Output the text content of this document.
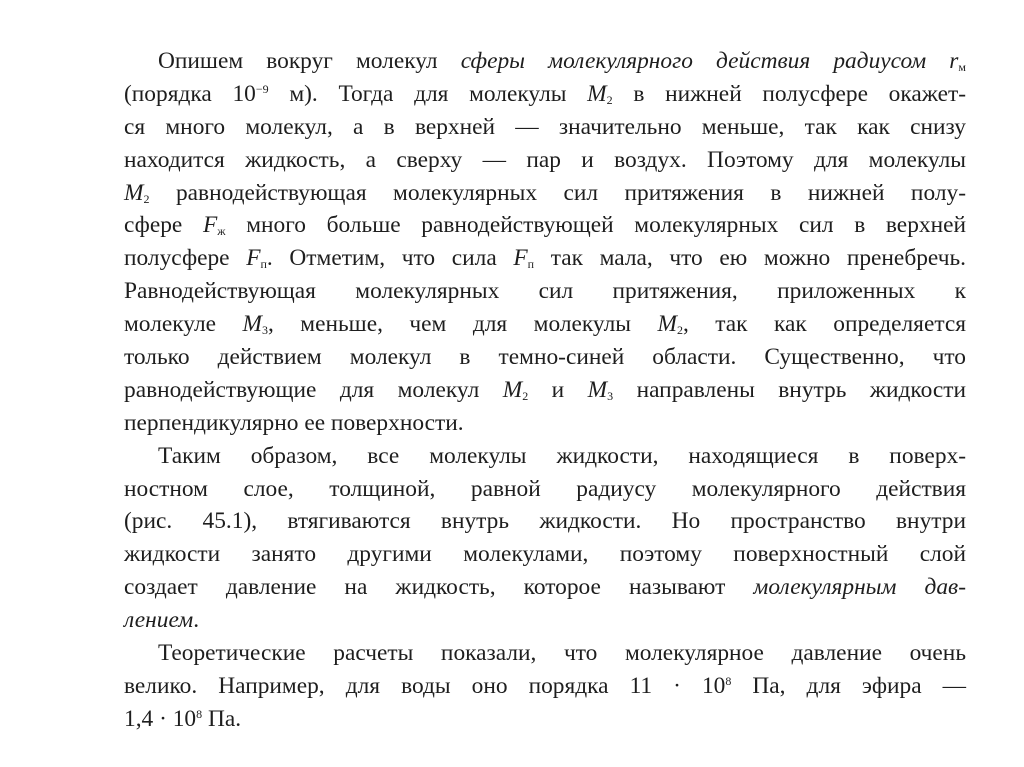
Опишем вокруг молекул сферы молекулярного действия радиусом $r_м$
(порядка $10^{-9}$ м). Тогда для молекулы $M_2$ в нижней полусфере окажет-
ся много молекул, а в верхней — значительно меньше, так как снизу
находится жидкость, а сверху — пар и воздух. Поэтому для молекулы
$M_2$ равнодействующая молекулярных сил притяжения в нижней полу-
сфере $F_ж$ много больше равнодействующей молекулярных сил в верхней
полусфере $F_п$. Отметим, что сила $F_п$ так мала, что ею можно пренебречь.
Равнодействующая молекулярных сил притяжения, приложенных к
молекуле $M_3$, меньше, чем для молекулы $M_2$, так как определяется
только действием молекул в темно-синей области. Существенно, что
равнодействующие для молекул $M_2$ и $M_3$ направлены внутрь жидкости
перпендикулярно ее поверхности.
Таким образом, все молекулы жидкости, находящиеся в поверх-
ностном слое, толщиной, равной радиусу молекулярного действия
(рис. 45.1), втягиваются внутрь жидкости. Но пространство внутри
жидкости занято другими молекулами, поэтому поверхностный слой
создает давление на жидкость, которое называют молекулярным дав-
лением.
Теоретические расчеты показали, что молекулярное давление очень
велико. Например, для воды оно порядка $11 \cdot 10^8$ Па, для эфира —
$1,4 \cdot 10^8$ Па.
